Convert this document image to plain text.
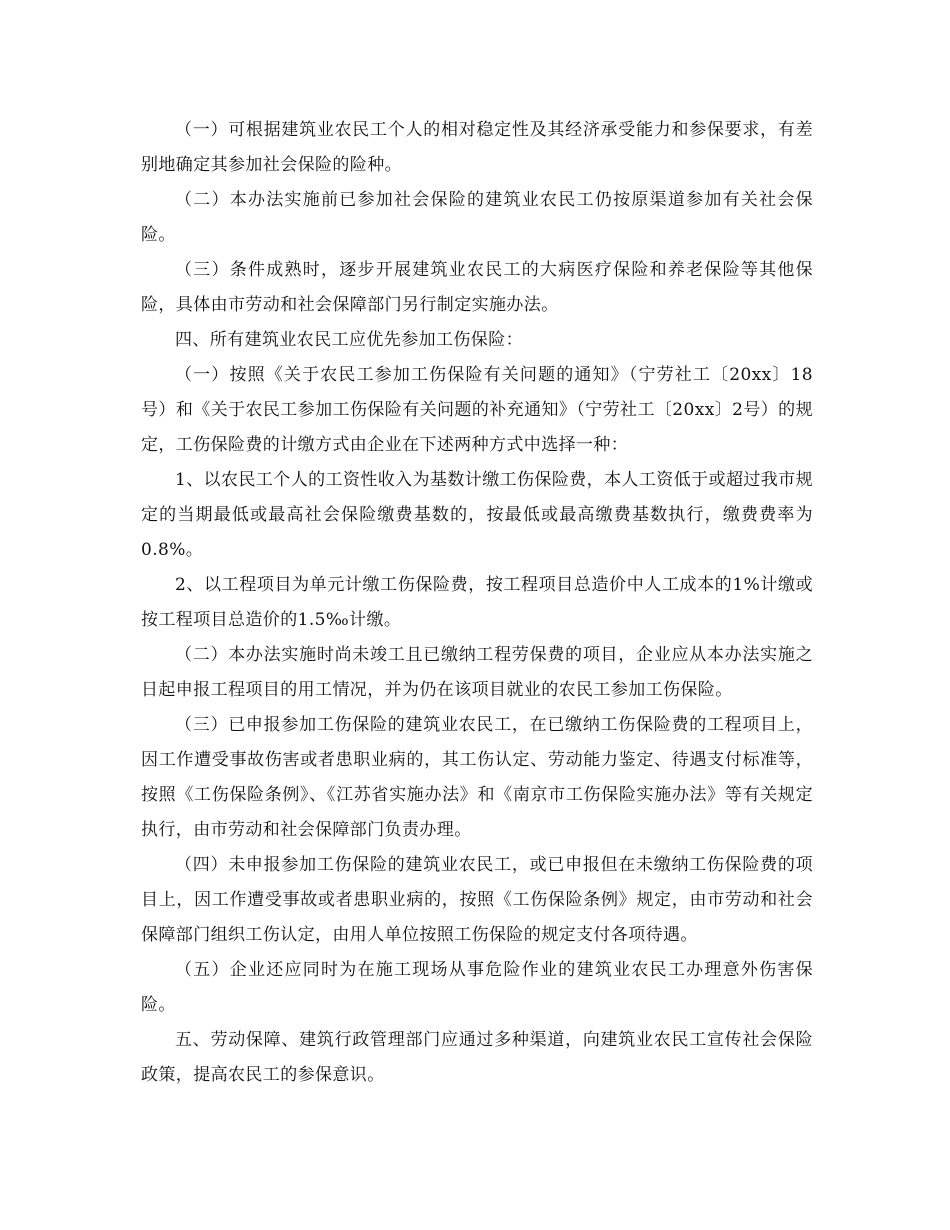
（一）可根据建筑业农民工个人的相对稳定性及其经济承受能力和参保要求，有差别地确定其参加社会保险的险种。

（二）本办法实施前已参加社会保险的建筑业农民工仍按原渠道参加有关社会保险。

（三）条件成熟时，逐步开展建筑业农民工的大病医疗保险和养老保险等其他保险，具体由市劳动和社会保障部门另行制定实施办法。

四、所有建筑业农民工应优先参加工伤保险：

（一）按照《关于农民工参加工伤保险有关问题的通知》（宁劳社工〔20xx〕18号）和《关于农民工参加工伤保险有关问题的补充通知》（宁劳社工〔20xx〕2号）的规定，工伤保险费的计缴方式由企业在下述两种方式中选择一种：

1、以农民工个人的工资性收入为基数计缴工伤保险费，本人工资低于或超过我市规定的当期最低或最高社会保险缴费基数的，按最低或最高缴费基数执行，缴费费率为0.8%。

2、以工程项目为单元计缴工伤保险费，按工程项目总造价中人工成本的1%计缴或按工程项目总造价的1.5‰计缴。

（二）本办法实施时尚未竣工且已缴纳工程劳保费的项目，企业应从本办法实施之日起申报工程项目的用工情况，并为仍在该项目就业的农民工参加工伤保险。

（三）已申报参加工伤保险的建筑业农民工，在已缴纳工伤保险费的工程项目上，因工作遭受事故伤害或者患职业病的，其工伤认定、劳动能力鉴定、待遇支付标准等，按照《工伤保险条例》、《江苏省实施办法》和《南京市工伤保险实施办法》等有关规定执行，由市劳动和社会保障部门负责办理。

（四）未申报参加工伤保险的建筑业农民工，或已申报但在未缴纳工伤保险费的项目上，因工作遭受事故或者患职业病的，按照《工伤保险条例》规定，由市劳动和社会保障部门组织工伤认定，由用人单位按照工伤保险的规定支付各项待遇。

（五）企业还应同时为在施工现场从事危险作业的建筑业农民工办理意外伤害保险。

五、劳动保障、建筑行政管理部门应通过多种渠道，向建筑业农民工宣传社会保险政策，提高农民工的参保意识。
